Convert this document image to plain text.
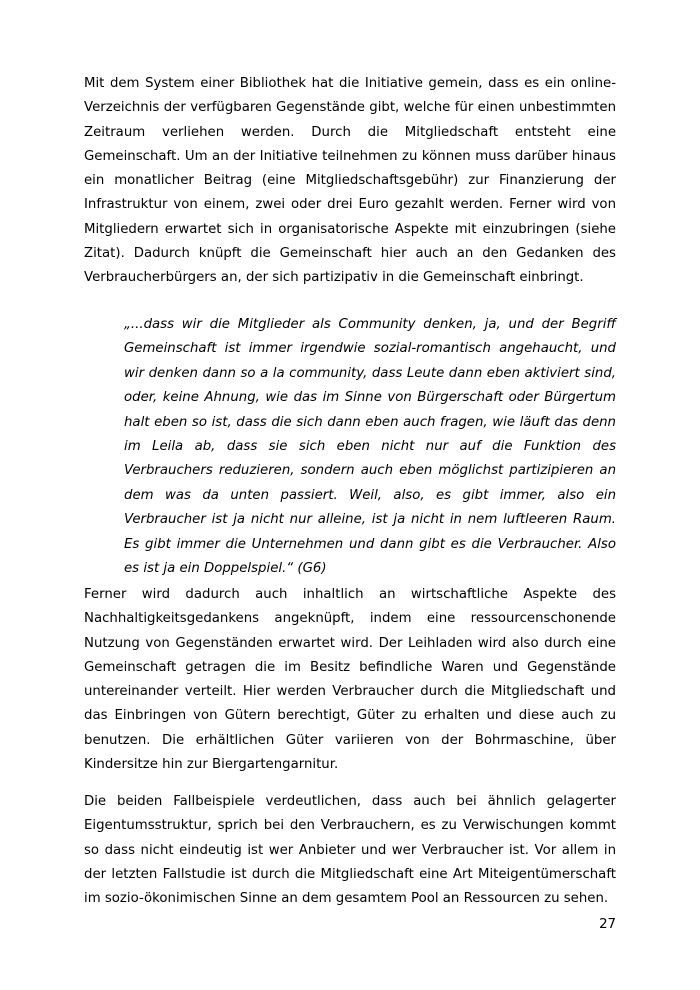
Mit dem System einer Bibliothek hat die Initiative gemein, dass es ein online-Verzeichnis der verfügbaren Gegenstände gibt, welche für einen unbestimmten Zeitraum verliehen werden. Durch die Mitgliedschaft entsteht eine Gemeinschaft. Um an der Initiative teilnehmen zu können muss darüber hinaus ein monatlicher Beitrag (eine Mitgliedschaftsgebühr) zur Finanzierung der Infrastruktur von einem, zwei oder drei Euro gezahlt werden. Ferner wird von Mitgliedern erwartet sich in organisatorische Aspekte mit einzubringen (siehe Zitat). Dadurch knüpft die Gemeinschaft hier auch an den Gedanken des Verbraucherbürgers an, der sich partizipativ in die Gemeinschaft einbringt.

„...dass wir die Mitglieder als Community denken, ja, und der Begriff Gemeinschaft ist immer irgendwie sozial-romantisch angehaucht, und wir denken dann so a la community, dass Leute dann eben aktiviert sind, oder, keine Ahnung, wie das im Sinne von Bürgerschaft oder Bürgertum halt eben so ist, dass die sich dann eben auch fragen, wie läuft das denn im Leila ab, dass sie sich eben nicht nur auf die Funktion des Verbrauchers reduzieren, sondern auch eben möglichst partizipieren an dem was da unten passiert. Weil, also, es gibt immer, also ein Verbraucher ist ja nicht nur alleine, ist ja nicht in nem luftleeren Raum. Es gibt immer die Unternehmen und dann gibt es die Verbraucher. Also es ist ja ein Doppelspiel.“ (G6)

Ferner wird dadurch auch inhaltlich an wirtschaftliche Aspekte des Nachhaltigkeitsgedankens angeknüpft, indem eine ressourcenschonende Nutzung von Gegenständen erwartet wird. Der Leihladen wird also durch eine Gemeinschaft getragen die im Besitz befindliche Waren und Gegenstände untereinander verteilt. Hier werden Verbraucher durch die Mitgliedschaft und das Einbringen von Gütern berechtigt, Güter zu erhalten und diese auch zu benutzen. Die erhältlichen Güter variieren von der Bohrmaschine, über Kindersitze hin zur Biergartengarnitur.

Die beiden Fallbeispiele verdeutlichen, dass auch bei ähnlich gelagerter Eigentumsstruktur, sprich bei den Verbrauchern, es zu Verwischungen kommt so dass nicht eindeutig ist wer Anbieter und wer Verbraucher ist. Vor allem in der letzten Fallstudie ist durch die Mitgliedschaft eine Art Miteigentümerschaft im sozio-ökonimischen Sinne an dem gesamtem Pool an Ressourcen zu sehen.

27
